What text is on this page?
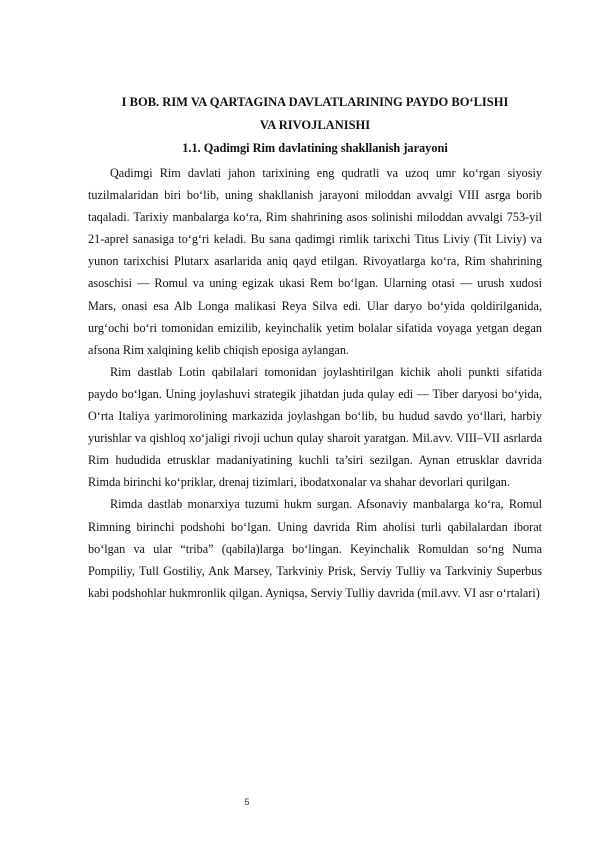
I BOB. RIM VA QARTAGINA DAVLATLARINING PAYDO BO‘LISHI
VA RIVOJLANISHI
1.1. Qadimgi Rim davlatining shakllanish jarayoni

Qadimgi Rim davlati jahon tarixining eng qudratli va uzoq umr ko‘rgan siyosiy tuzilmalaridan biri bo‘lib, uning shakllanish jarayoni miloddan avvalgi VIII asrga borib taqaladi. Tarixiy manbalarga ko‘ra, Rim shahrining asos solinishi miloddan avvalgi 753-yil 21-aprel sanasiga to‘g‘ri keladi. Bu sana qadimgi rimlik tarixchi Titus Liviy (Tit Liviy) va yunon tarixchisi Plutarx asarlarida aniq qayd etilgan. Rivoyatlarga ko‘ra, Rim shahrining asoschisi — Romul va uning egizak ukasi Rem bo‘lgan. Ularning otasi — urush xudosi Mars, onasi esa Alb Longa malikasi Reya Silva edi. Ular daryo bo‘yida qoldirilganida, urg‘ochi bo‘ri tomonidan emizilib, keyinchalik yetim bolalar sifatida voyaga yetgan degan afsona Rim xalqining kelib chiqish eposiga aylangan.

Rim dastlab Lotin qabilalari tomonidan joylashtirilgan kichik aholi punkti sifatida paydo bo‘lgan. Uning joylashuvi strategik jihatdan juda qulay edi — Tiber daryosi bo‘yida, O‘rta Italiya yarimorolining markazida joylashgan bo‘lib, bu hudud savdo yo‘llari, harbiy yurishlar va qishloq xo‘jaligi rivoji uchun qulay sharoit yaratgan. Mil.avv. VIII–VII asrlarda Rim hududida etrusklar madaniyatining kuchli ta’siri sezilgan. Aynan etrusklar davrida Rimda birinchi ko‘priklar, drenaj tizimlari, ibodatxonalar va shahar devorlari qurilgan.

Rimda dastlab monarxiya tuzumi hukm surgan. Afsonaviy manbalarga ko‘ra, Romul Rimning birinchi podshohi bo‘lgan. Uning davrida Rim aholisi turli qabilalardan iborat bo‘lgan va ular “triba” (qabila)larga bo‘lingan. Keyinchalik Romuldan so‘ng Numa Pompiliy, Tull Gostiliy, Ank Marsey, Tarkviniy Prisk, Serviy Tulliy va Tarkviniy Superbus kabi podshohlar hukmronlik qilgan. Ayniqsa, Serviy Tulliy davrida (mil.avv. VI asr o‘rtalari)

5
